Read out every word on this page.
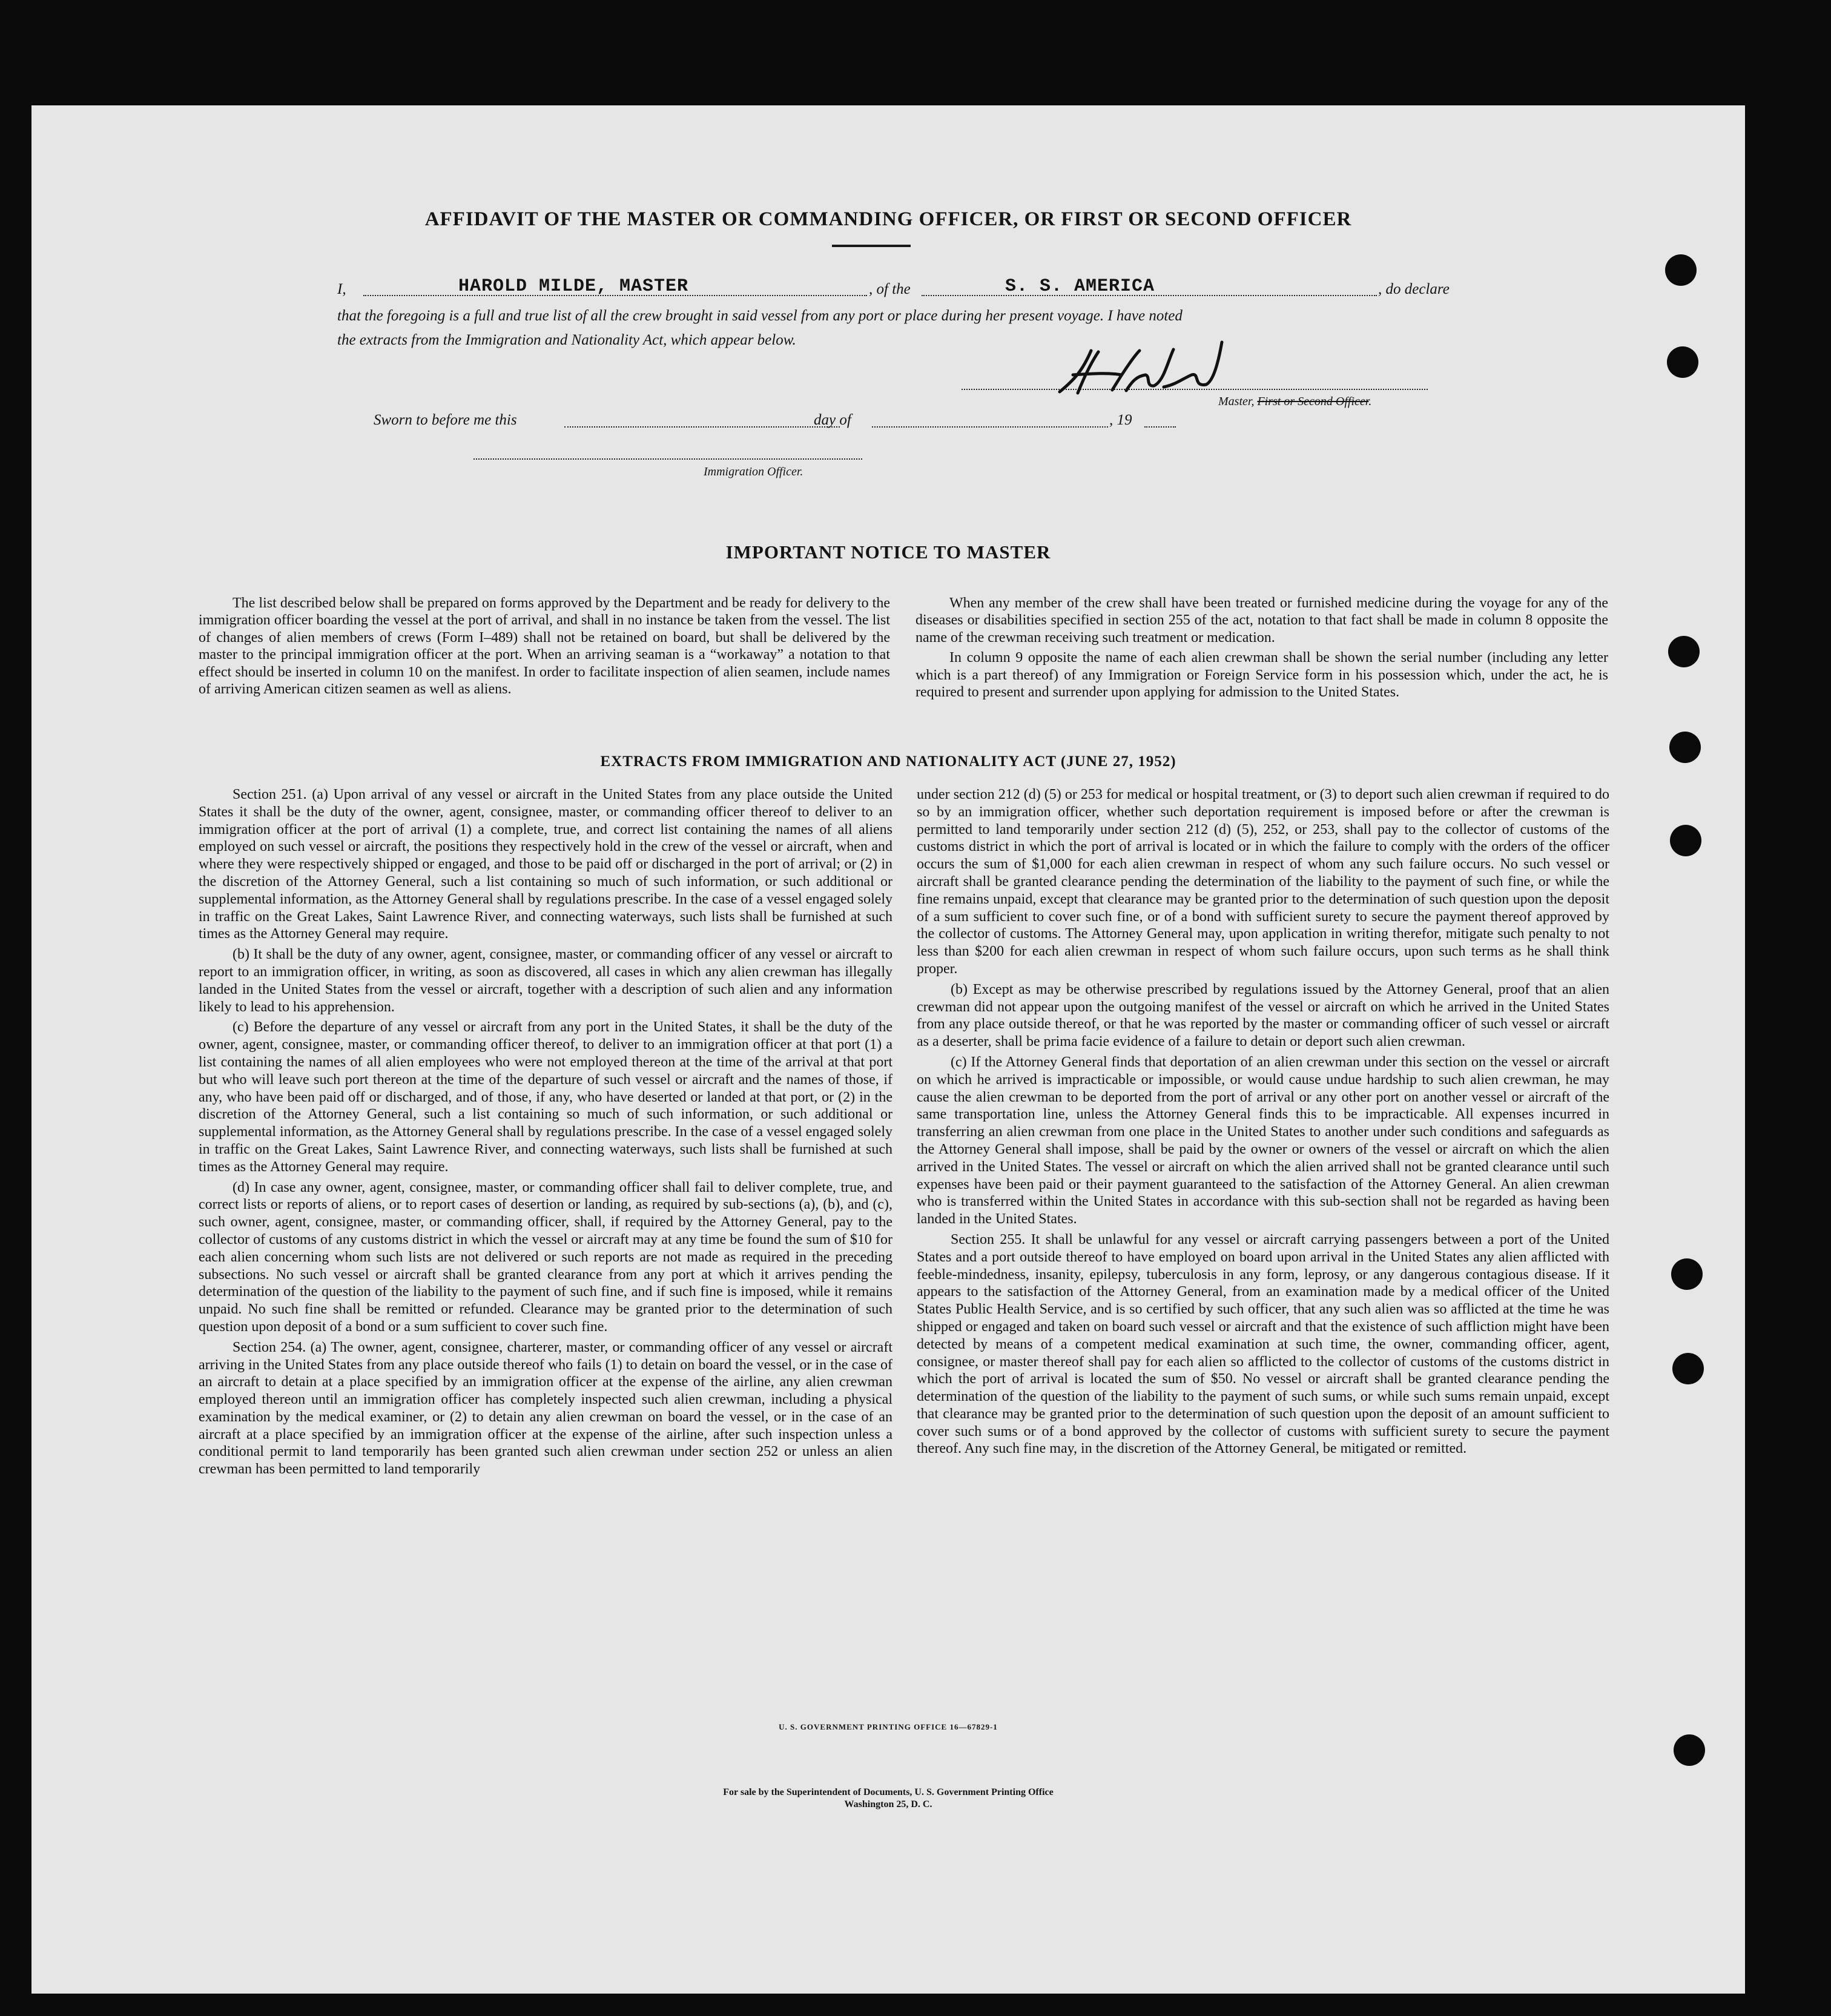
AFFIDAVIT OF THE MASTER OR COMMANDING OFFICER, OR FIRST OR SECOND OFFICER
I,	HAROLD MILDE, MASTER	, of the	S. S. AMERICA	, do declare
that the foregoing is a full and true list of all the crew brought in said vessel from any port or place during her present voyage. I have noted
the extracts from the Immigration and Nationality Act, which appear below.
Master, First or Second Officer.
Sworn to before me this	day of	, 19
Immigration Officer.
IMPORTANT NOTICE TO MASTER

The list described below shall be prepared on forms approved by the Department and be ready for delivery to the immigration officer boarding the vessel at the port of arrival, and shall in no instance be taken from the vessel. The list of changes of alien members of crews (Form I–489) shall not be retained on board, but shall be delivered by the master to the principal immigration officer at the port. When an arriving seaman is a “workaway” a notation to that effect should be inserted in column 10 on the manifest. In order to facilitate inspection of alien seamen, include names of arriving American citizen seamen as well as aliens.

When any member of the crew shall have been treated or furnished medicine during the voyage for any of the diseases or disabilities specified in section 255 of the act, notation to that fact shall be made in column 8 opposite the name of the crewman receiving such treatment or medication.

In column 9 opposite the name of each alien crewman shall be shown the serial number (including any letter which is a part thereof) of any Immigration or Foreign Service form in his possession which, under the act, he is required to present and surrender upon applying for admission to the United States.

EXTRACTS FROM IMMIGRATION AND NATIONALITY ACT (JUNE 27, 1952)

Section 251. (a) Upon arrival of any vessel or aircraft in the United States from any place outside the United States it shall be the duty of the owner, agent, consignee, master, or commanding officer thereof to deliver to an immigration officer at the port of arrival (1) a complete, true, and correct list containing the names of all aliens employed on such vessel or aircraft, the positions they respectively hold in the crew of the vessel or aircraft, when and where they were respectively shipped or engaged, and those to be paid off or discharged in the port of arrival; or (2) in the discretion of the Attorney General, such a list containing so much of such information, or such additional or supplemental information, as the Attorney General shall by regulations prescribe. In the case of a vessel engaged solely in traffic on the Great Lakes, Saint Lawrence River, and connecting waterways, such lists shall be furnished at such times as the Attorney General may require.

(b) It shall be the duty of any owner, agent, consignee, master, or commanding officer of any vessel or aircraft to report to an immigration officer, in writing, as soon as discovered, all cases in which any alien crewman has illegally landed in the United States from the vessel or aircraft, together with a description of such alien and any information likely to lead to his apprehension.

(c) Before the departure of any vessel or aircraft from any port in the United States, it shall be the duty of the owner, agent, consignee, master, or commanding officer thereof, to deliver to an immigration officer at that port (1) a list containing the names of all alien employees who were not employed thereon at the time of the arrival at that port but who will leave such port thereon at the time of the departure of such vessel or aircraft and the names of those, if any, who have been paid off or discharged, and of those, if any, who have deserted or landed at that port, or (2) in the discretion of the Attorney General, such a list containing so much of such information, or such additional or supplemental information, as the Attorney General shall by regulations prescribe. In the case of a vessel engaged solely in traffic on the Great Lakes, Saint Lawrence River, and connecting waterways, such lists shall be furnished at such times as the Attorney General may require.

(d) In case any owner, agent, consignee, master, or commanding officer shall fail to deliver complete, true, and correct lists or reports of aliens, or to report cases of desertion or landing, as required by sub-sections (a), (b), and (c), such owner, agent, consignee, master, or commanding officer, shall, if required by the Attorney General, pay to the collector of customs of any customs district in which the vessel or aircraft may at any time be found the sum of $10 for each alien concerning whom such lists are not delivered or such reports are not made as required in the preceding subsections. No such vessel or aircraft shall be granted clearance from any port at which it arrives pending the determination of the question of the liability to the payment of such fine, and if such fine is imposed, while it remains unpaid. No such fine shall be remitted or refunded. Clearance may be granted prior to the determination of such question upon deposit of a bond or a sum sufficient to cover such fine.

Section 254. (a) The owner, agent, consignee, charterer, master, or commanding officer of any vessel or aircraft arriving in the United States from any place outside thereof who fails (1) to detain on board the vessel, or in the case of an aircraft to detain at a place specified by an immigration officer at the expense of the airline, any alien crewman employed thereon until an immigration officer has completely inspected such alien crewman, including a physical examination by the medical examiner, or (2) to detain any alien crewman on board the vessel, or in the case of an aircraft at a place specified by an immigration officer at the expense of the airline, after such inspection unless a conditional permit to land temporarily has been granted such alien crewman under section 252 or unless an alien crewman has been permitted to land temporarily

under section 212 (d) (5) or 253 for medical or hospital treatment, or (3) to deport such alien crewman if required to do so by an immigration officer, whether such deportation requirement is imposed before or after the crewman is permitted to land temporarily under section 212 (d) (5), 252, or 253, shall pay to the collector of customs of the customs district in which the port of arrival is located or in which the failure to comply with the orders of the officer occurs the sum of $1,000 for each alien crewman in respect of whom any such failure occurs. No such vessel or aircraft shall be granted clearance pending the determination of the liability to the payment of such fine, or while the fine remains unpaid, except that clearance may be granted prior to the determination of such question upon the deposit of a sum sufficient to cover such fine, or of a bond with sufficient surety to secure the payment thereof approved by the collector of customs. The Attorney General may, upon application in writing therefor, mitigate such penalty to not less than $200 for each alien crewman in respect of whom such failure occurs, upon such terms as he shall think proper.

(b) Except as may be otherwise prescribed by regulations issued by the Attorney General, proof that an alien crewman did not appear upon the outgoing manifest of the vessel or aircraft on which he arrived in the United States from any place outside thereof, or that he was reported by the master or commanding officer of such vessel or aircraft as a deserter, shall be prima facie evidence of a failure to detain or deport such alien crewman.

(c) If the Attorney General finds that deportation of an alien crewman under this section on the vessel or aircraft on which he arrived is impracticable or impossible, or would cause undue hardship to such alien crewman, he may cause the alien crewman to be deported from the port of arrival or any other port on another vessel or aircraft of the same transportation line, unless the Attorney General finds this to be impracticable. All expenses incurred in transferring an alien crewman from one place in the United States to another under such conditions and safeguards as the Attorney General shall impose, shall be paid by the owner or owners of the vessel or aircraft on which the alien arrived in the United States. The vessel or aircraft on which the alien arrived shall not be granted clearance until such expenses have been paid or their payment guaranteed to the satisfaction of the Attorney General. An alien crewman who is transferred within the United States in accordance with this sub-section shall not be regarded as having been landed in the United States.

Section 255. It shall be unlawful for any vessel or aircraft carrying passengers between a port of the United States and a port outside thereof to have employed on board upon arrival in the United States any alien afflicted with feeble-mindedness, insanity, epilepsy, tuberculosis in any form, leprosy, or any dangerous contagious disease. If it appears to the satisfaction of the Attorney General, from an examination made by a medical officer of the United States Public Health Service, and is so certified by such officer, that any such alien was so afflicted at the time he was shipped or engaged and taken on board such vessel or aircraft and that the existence of such affliction might have been detected by means of a competent medical examination at such time, the owner, commanding officer, agent, consignee, or master thereof shall pay for each alien so afflicted to the collector of customs of the customs district in which the port of arrival is located the sum of $50. No vessel or aircraft shall be granted clearance pending the determination of the question of the liability to the payment of such sums, or while such sums remain unpaid, except that clearance may be granted prior to the determination of such question upon the deposit of an amount sufficient to cover such sums or of a bond approved by the collector of customs with sufficient surety to secure the payment thereof. Any such fine may, in the discretion of the Attorney General, be mitigated or remitted.

U. S. GOVERNMENT PRINTING OFFICE 16—67829-1
For sale by the Superintendent of Documents, U. S. Government Printing Office
Washington 25, D. C.
